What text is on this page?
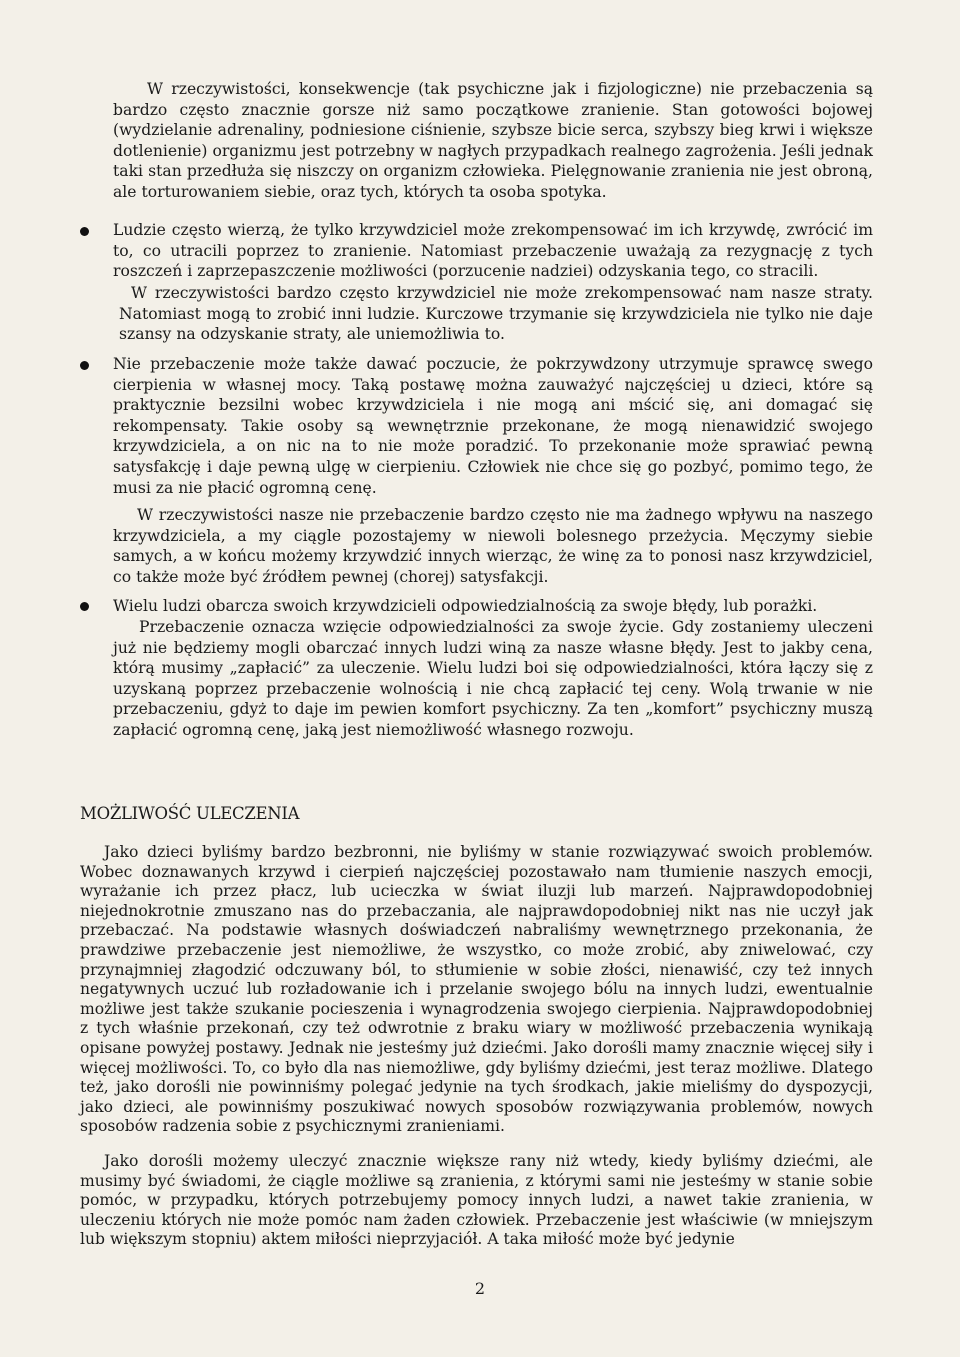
W rzeczywistości, konsekwencje (tak psychiczne jak i fizjologiczne) nie przebaczenia są bardzo często znacznie gorsze niż samo początkowe zranienie. Stan gotowości bojowej (wydzielanie adrenaliny, podniesione ciśnienie, szybsze bicie serca, szybszy bieg krwi i większe dotlenienie) organizmu jest potrzebny w nagłych przypadkach realnego zagrożenia. Jeśli jednak taki stan przedłuża się niszczy on organizm człowieka. Pielęgnowanie zranienia nie jest obroną, ale torturowaniem siebie, oraz tych, których ta osoba spotyka.

Ludzie często wierzą, że tylko krzywdziciel może zrekompensować im ich krzywdę, zwrócić im to, co utracili poprzez to zranienie. Natomiast przebaczenie uważają za rezygnację z tych roszczeń i zaprzepaszczenie możliwości (porzucenie nadziei) odzyskania tego, co stracili.

W rzeczywistości bardzo często krzywdziciel nie może zrekompensować nam nasze straty. Natomiast mogą to zrobić inni ludzie. Kurczowe trzymanie się krzywdziciela nie tylko nie daje szansy na odzyskanie straty, ale uniemożliwia to.

Nie przebaczenie może także dawać poczucie, że pokrzywdzony utrzymuje sprawcę swego cierpienia w własnej mocy. Taką postawę można zauważyć najczęściej u dzieci, które są praktycznie bezsilni wobec krzywdziciela i nie mogą ani mścić się, ani domagać się rekompensaty. Takie osoby są wewnętrznie przekonane, że mogą nienawidzić swojego krzywdziciela, a on nic na to nie może poradzić. To przekonanie może sprawiać pewną satysfakcję i daje pewną ulgę w cierpieniu. Człowiek nie chce się go pozbyć, pomimo tego, że musi za nie płacić ogromną cenę.

W rzeczywistości nasze nie przebaczenie bardzo często nie ma żadnego wpływu na naszego krzywdziciela, a my ciągle pozostajemy w niewoli bolesnego przeżycia. Męczymy siebie samych, a w końcu możemy krzywdzić innych wierząc, że winę za to ponosi nasz krzywdziciel, co także może być źródłem pewnej (chorej) satysfakcji.

Wielu ludzi obarcza swoich krzywdzicieli odpowiedzialnością za swoje błędy, lub porażki.

Przebaczenie oznacza wzięcie odpowiedzialności za swoje życie. Gdy zostaniemy uleczeni już nie będziemy mogli obarczać innych ludzi winą za nasze własne błędy. Jest to jakby cena, którą musimy „zapłacić” za uleczenie. Wielu ludzi boi się odpowiedzialności, która łączy się z uzyskaną poprzez przebaczenie wolnością i nie chcą zapłacić tej ceny. Wolą trwanie w nie przebaczeniu, gdyż to daje im pewien komfort psychiczny. Za ten „komfort” psychiczny muszą zapłacić ogromną cenę, jaką jest niemożliwość własnego rozwoju.

MOŻLIWOŚĆ ULECZENIA

Jako dzieci byliśmy bardzo bezbronni, nie byliśmy w stanie rozwiązywać swoich problemów. Wobec doznawanych krzywd i cierpień najczęściej pozostawało nam tłumienie naszych emocji, wyrażanie ich przez płacz, lub ucieczka w świat iluzji lub marzeń. Najprawdopodobniej niejednokrotnie zmuszano nas do przebaczania, ale najprawdopodobniej nikt nas nie uczył jak przebaczać. Na podstawie własnych doświadczeń nabraliśmy wewnętrznego przekonania, że prawdziwe przebaczenie jest niemożliwe, że wszystko, co może zrobić, aby zniwelować, czy przynajmniej złagodzić odczuwany ból, to stłumienie w sobie złości, nienawiść, czy też innych negatywnych uczuć lub rozładowanie ich i przelanie swojego bólu na innych ludzi, ewentualnie możliwe jest także szukanie pocieszenia i wynagrodzenia swojego cierpienia. Najprawdopodobniej z tych właśnie przekonań, czy też odwrotnie z braku wiary w możliwość przebaczenia wynikają opisane powyżej postawy. Jednak nie jesteśmy już dziećmi. Jako dorośli mamy znacznie więcej siły i więcej możliwości. To, co było dla nas niemożliwe, gdy byliśmy dziećmi, jest teraz możliwe. Dlatego też, jako dorośli nie powinniśmy polegać jedynie na tych środkach, jakie mieliśmy do dyspozycji, jako dzieci, ale powinniśmy poszukiwać nowych sposobów rozwiązywania problemów, nowych sposobów radzenia sobie z psychicznymi zranieniami.

Jako dorośli możemy uleczyć znacznie większe rany niż wtedy, kiedy byliśmy dziećmi, ale musimy być świadomi, że ciągle możliwe są zranienia, z którymi sami nie jesteśmy w stanie sobie pomóc, w przypadku, których potrzebujemy pomocy innych ludzi, a nawet takie zranienia, w uleczeniu których nie może pomóc nam żaden człowiek. Przebaczenie jest właściwie (w mniejszym lub większym stopniu) aktem miłości nieprzyjaciół. A taka miłość może być jedynie

2
